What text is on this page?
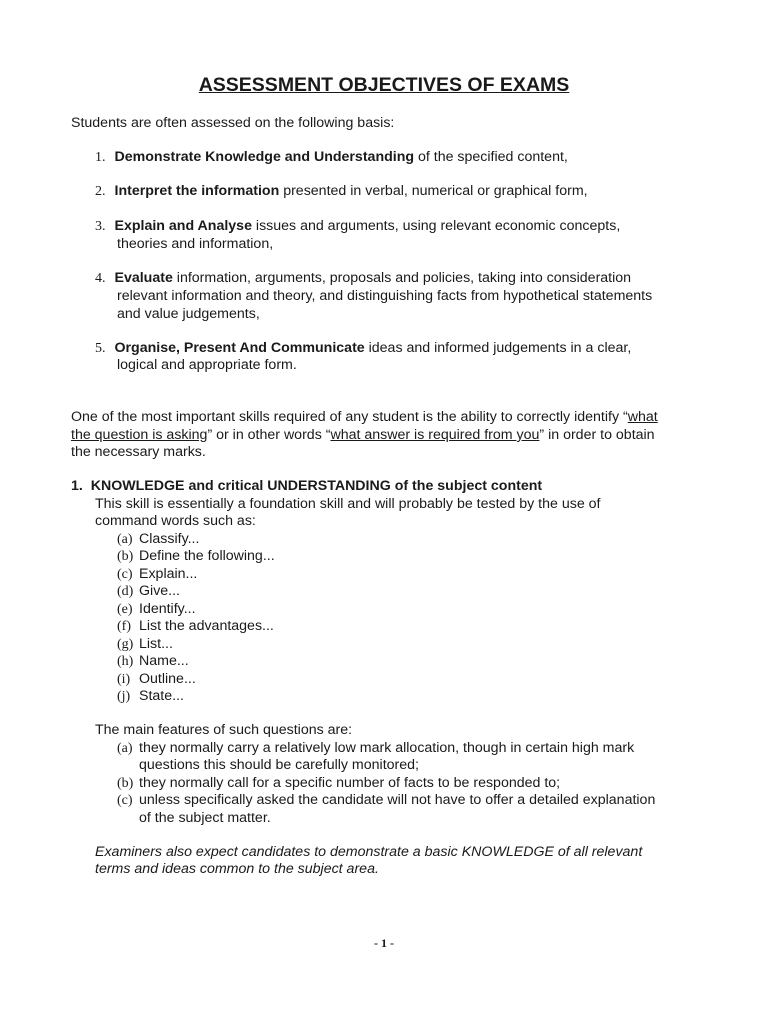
ASSESSMENT OBJECTIVES OF EXAMS
Students are often assessed on the following basis:
1. Demonstrate Knowledge and Understanding of the specified content,
2. Interpret the information presented in verbal, numerical or graphical form,
3. Explain and Analyse issues and arguments, using relevant economic concepts,
theories and information,
4. Evaluate information, arguments, proposals and policies, taking into consideration
relevant information and theory, and distinguishing facts from hypothetical statements
and value judgements,
5. Organise, Present And Communicate ideas and informed judgements in a clear,
logical and appropriate form.
One of the most important skills required of any student is the ability to correctly identify “what
the question is asking” or in other words “what answer is required from you” in order to obtain
the necessary marks.
1.  KNOWLEDGE and critical UNDERSTANDING of the subject content
This skill is essentially a foundation skill and will probably be tested by the use of
command words such as:
(a) Classify...
(b) Define the following...
(c) Explain...
(d) Give...
(e) Identify...
(f) List the advantages...
(g) List...
(h) Name...
(i) Outline...
(j) State...
The main features of such questions are:
(a) they normally carry a relatively low mark allocation, though in certain high mark
questions this should be carefully monitored;
(b) they normally call for a specific number of facts to be responded to;
(c) unless specifically asked the candidate will not have to offer a detailed explanation
of the subject matter.
Examiners also expect candidates to demonstrate a basic KNOWLEDGE of all relevant
terms and ideas common to the subject area.
- 1 -
